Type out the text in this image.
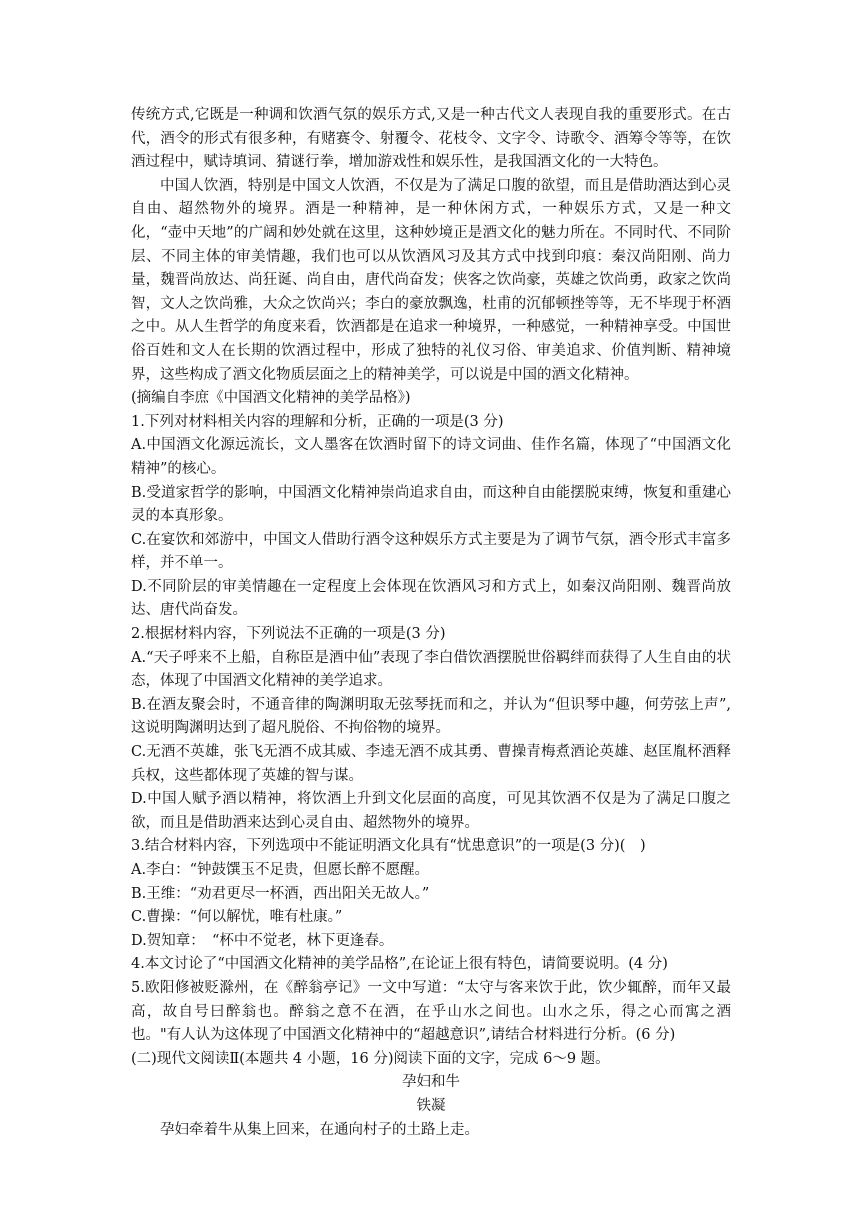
传统方式,它既是一种调和饮酒气氛的娱乐方式,又是一种古代文人表现自我的重要形式。在古代，酒令的形式有很多种，有赌赛令、射覆令、花枝令、文字令、诗歌令、酒筹令等等，在饮酒过程中，赋诗填词、猜谜行拳，增加游戏性和娱乐性，是我国酒文化的一大特色。

中国人饮酒，特别是中国文人饮酒，不仅是为了满足口腹的欲望，而且是借助酒达到心灵自由、超然物外的境界。酒是一种精神，是一种休闲方式，一种娱乐方式，又是一种文化，“壶中天地”的广阔和妙处就在这里，这种妙境正是酒文化的魅力所在。不同时代、不同阶层、不同主体的审美情趣，我们也可以从饮酒风习及其方式中找到印痕：秦汉尚阳刚、尚力量，魏晋尚放达、尚狂诞、尚自由，唐代尚奋发；侠客之饮尚豪，英雄之饮尚勇，政家之饮尚智，文人之饮尚雅，大众之饮尚兴；李白的豪放飘逸，杜甫的沉郁顿挫等等，无不毕现于杯酒之中。从人生哲学的角度来看，饮酒都是在追求一种境界，一种感觉，一种精神享受。中国世俗百姓和文人在长期的饮酒过程中，形成了独特的礼仪习俗、审美追求、价值判断、精神境界，这些构成了酒文化物质层面之上的精神美学，可以说是中国的酒文化精神。

(摘编自李庶《中国酒文化精神的美学品格》)

1.下列对材料相关内容的理解和分析，正确的一项是(3 分)

A.中国酒文化源远流长，文人墨客在饮酒时留下的诗文词曲、佳作名篇，体现了“中国酒文化精神”的核心。

B.受道家哲学的影响，中国酒文化精神崇尚追求自由，而这种自由能摆脱束缚，恢复和重建心灵的本真形象。

C.在宴饮和郊游中，中国文人借助行酒令这种娱乐方式主要是为了调节气氛，酒令形式丰富多样，并不单一。

D.不同阶层的审美情趣在一定程度上会体现在饮酒风习和方式上，如秦汉尚阳刚、魏晋尚放达、唐代尚奋发。

2.根据材料内容，下列说法不正确的一项是(3 分)

A.“天子呼来不上船，自称臣是酒中仙”表现了李白借饮酒摆脱世俗羁绊而获得了人生自由的状态，体现了中国酒文化精神的美学追求。

B.在酒友聚会时，不通音律的陶渊明取无弦琴抚而和之，并认为“但识琴中趣，何劳弦上声”,这说明陶渊明达到了超凡脱俗、不拘俗物的境界。

C.无酒不英雄，张飞无酒不成其威、李逵无酒不成其勇、曹操青梅煮酒论英雄、赵匡胤杯酒释兵权，这些都体现了英雄的智与谋。

D.中国人赋予酒以精神，将饮酒上升到文化层面的高度，可见其饮酒不仅是为了满足口腹之欲，而且是借助酒来达到心灵自由、超然物外的境界。

3.结合材料内容，下列选项中不能证明酒文化具有“忧患意识”的一项是(3 分)(　)

A.李白：“钟鼓馔玉不足贵，但愿长醉不愿醒。

B.王维：“劝君更尽一杯酒，西出阳关无故人。”

C.曹操：“何以解忧，唯有杜康。”

D.贺知章：　“杯中不觉老，林下更逢春。

4.本文讨论了“中国酒文化精神的美学品格”,在论证上很有特色，请简要说明。(4 分)

5.欧阳修被贬滁州，在《醉翁亭记》一文中写道：“太守与客来饮于此，饮少辄醉，而年又最高，故自号曰醉翁也。醉翁之意不在酒，在乎山水之间也。山水之乐，得之心而寓之酒也。"有人认为这体现了中国酒文化精神中的“超越意识”,请结合材料进行分析。(6 分)

(二)现代文阅读Ⅱ(本题共 4 小题，16 分)阅读下面的文字，完成 6～9 题。

孕妇和牛

铁凝

孕妇牵着牛从集上回来，在通向村子的土路上走。
